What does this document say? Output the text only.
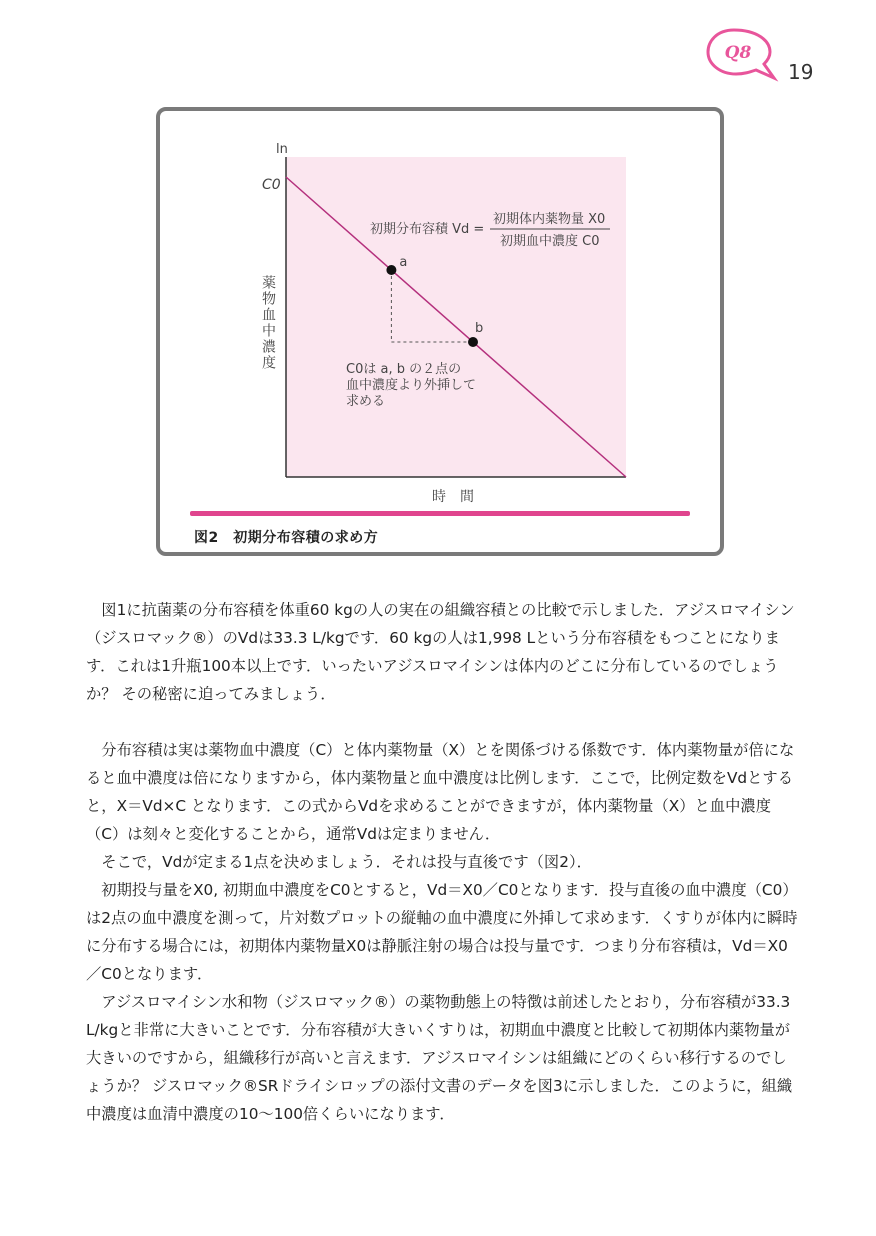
Q8
19
ln
C0
薬物血中濃度
時　間
a
b
初期分布容積 Vd =
初期体内薬物量 X0
初期血中濃度 C0
C0は a, b の２点の
血中濃度より外挿して
求める
図2　初期分布容積の求め方

図1に抗菌薬の分布容積を体重60 kgの人の実在の組織容積との比較で示しました．アジスロマイシン（ジスロマック®）のVdは33.3 L/kgです．60 kgの人は1,998 Lという分布容積をもつことになります．これは1升瓶100本以上です．いったいアジスロマイシンは体内のどこに分布しているのでしょうか？ その秘密に迫ってみましょう．

分布容積は実は薬物血中濃度（C）と体内薬物量（X）とを関係づける係数です．体内薬物量が倍になると血中濃度は倍になりますから，体内薬物量と血中濃度は比例します．ここで，比例定数をVdとすると，X＝Vd×C となります．この式からVdを求めることができますが，体内薬物量（X）と血中濃度（C）は刻々と変化することから，通常Vdは定まりません．

そこで，Vdが定まる1点を決めましょう．それは投与直後です（図2）．

初期投与量をX0, 初期血中濃度をC0とすると，Vd＝X0／C0となります．投与直後の血中濃度（C0）は2点の血中濃度を測って，片対数プロットの縦軸の血中濃度に外挿して求めます．くすりが体内に瞬時に分布する場合には，初期体内薬物量X0は静脈注射の場合は投与量です．つまり分布容積は，Vd＝X0／C0となります．

アジスロマイシン水和物（ジスロマック®）の薬物動態上の特徴は前述したとおり，分布容積が33.3 L/kgと非常に大きいことです．分布容積が大きいくすりは，初期血中濃度と比較して初期体内薬物量が大きいのですから，組織移行が高いと言えます．アジスロマイシンは組織にどのくらい移行するのでしょうか？ ジスロマック®SRドライシロップの添付文書のデータを図3に示しました．このように，組織中濃度は血清中濃度の10～100倍くらいになります．
